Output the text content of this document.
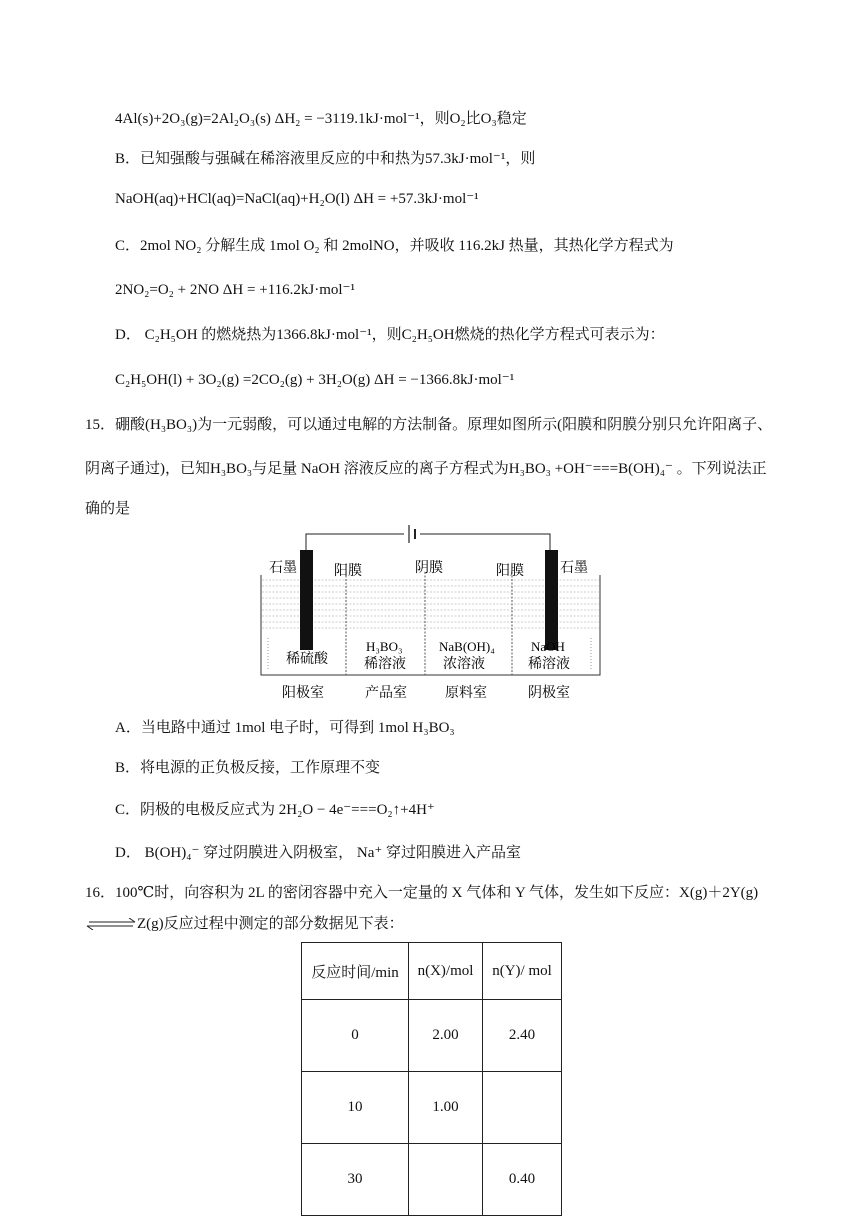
4Al(s)+2O₃(g)=2Al₂O₃(s) ΔH₂ = −3119.1kJ·mol⁻¹，则O₂比O₃稳定
B．已知强酸与强碱在稀溶液里反应的中和热为57.3kJ·mol⁻¹，则
NaOH(aq)+HCl(aq)=NaCl(aq)+H₂O(l) ΔH = +57.3kJ·mol⁻¹
C．2mol NO₂ 分解生成 1mol O₂ 和 2molNO，并吸收 116.2kJ 热量，其热化学方程式为
2NO₂=O₂ + 2NO ΔH = +116.2kJ·mol⁻¹
D． C₂H₅OH 的燃烧热为1366.8kJ·mol⁻¹，则C₂H₅OH燃烧的热化学方程式可表示为：
C₂H₅OH(l) + 3O₂(g) =2CO₂(g) + 3H₂O(g) ΔH = −1366.8kJ·mol⁻¹
15．硼酸(H₃BO₃)为一元弱酸，可以通过电解的方法制备。原理如图所示(阳膜和阴膜分别只允许阳离子、
阴离子通过)，已知H₃BO₃与足量 NaOH 溶液反应的离子方程式为H₃BO₃ +OH⁻===B(OH)₄⁻ 。下列说法正
确的是
石墨	石墨
阳膜	阴膜	阳膜
稀硫酸
H₃BO₃
稀溶液
NaB(OH)₄
浓溶液
NaOH
稀溶液
阳极室	产品室	原料室	阴极室
A．当电路中通过 1mol 电子时，可得到 1mol H₃BO₃
B．将电源的正负极反接，工作原理不变
C．阴极的电极反应式为 2H₂O − 4e⁻===O₂↑+4H⁺
D． B(OH)₄⁻ 穿过阴膜进入阴极室， Na⁺ 穿过阳膜进入产品室
16．100℃时，向容积为 2L 的密闭容器中充入一定量的 X 气体和 Y 气体，发生如下反应：X(g)＋2Y(g)
⇌ Z(g)反应过程中测定的部分数据见下表：
反应时间/min	n(X)/mol	n(Y)/ mol
0	2.00	2.40
10	1.00	
30		0.40
